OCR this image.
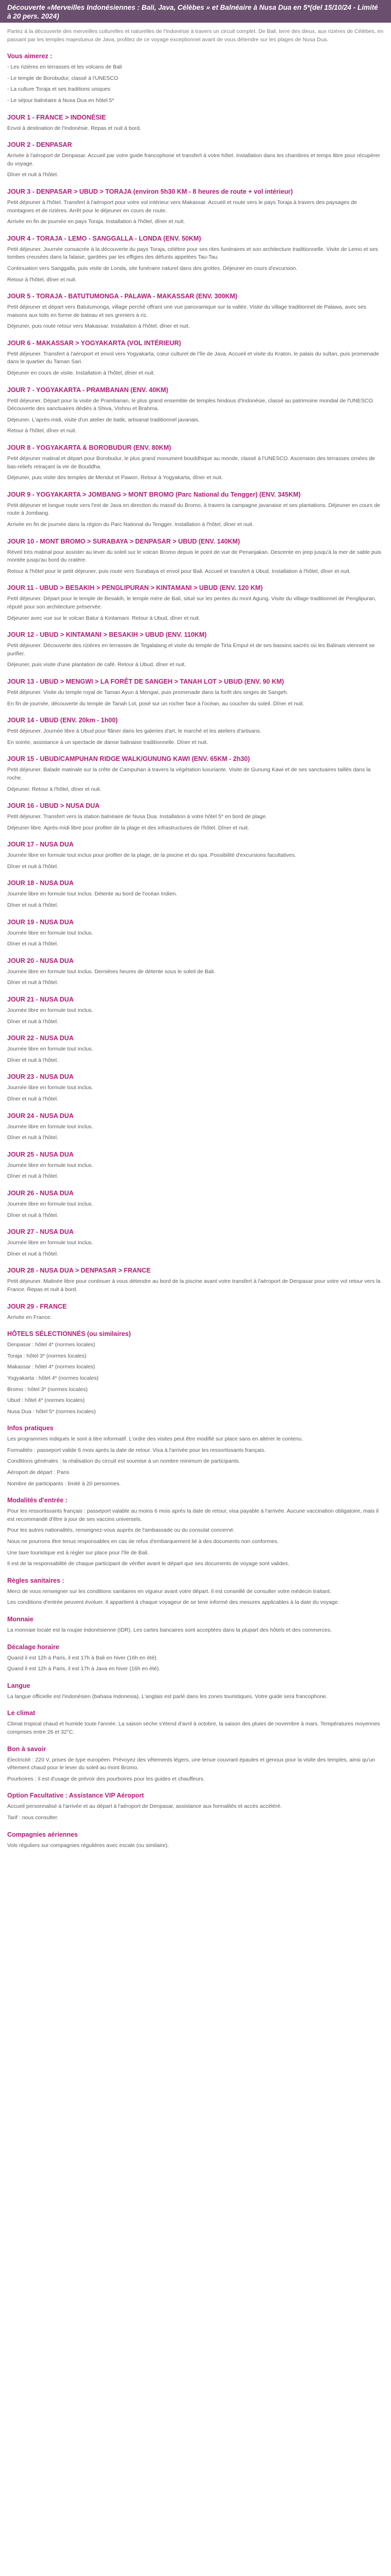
Découverte «Merveilles Indonésiennes : Bali, Java, Célèbes » et Balnéaire à Nusa Dua en 5*(del 15/10/24 - Limité à 20 pers. 2024)

Partez à la découverte des merveilles culturelles et naturelles de l'Indonésie à travers un circuit complet. De Bali, terre des dieux, aux rizières de Célèbes, en passant par les temples majestueux de Java, profitez de ce voyage exceptionnel avant de vous détendre sur les plages de Nusa Dua.

Vous aimerez :

- Les rizières en terrasses et les volcans de Bali

- Le temple de Borobudur, classé à l'UNESCO

- La culture Toraja et ses traditions uniques

- Le séjour balnéaire à Nusa Dua en hôtel 5*

JOUR 1 - FRANCE > INDONÉSIE

Envol à destination de l'Indonésie. Repas et nuit à bord.

JOUR 2 - DENPASAR

Arrivée à l'aéroport de Denpasar. Accueil par votre guide francophone et transfert à votre hôtel. Installation dans les chambres et temps libre pour récupérer du voyage.

Dîner et nuit à l'hôtel.

JOUR 3 - DENPASAR > UBUD > TORAJA (environ 5h30 KM - 8 heures de route + vol intérieur)

Petit déjeuner à l'hôtel. Transfert à l'aéroport pour votre vol intérieur vers Makassar. Accueil et route vers le pays Toraja à travers des paysages de montagnes et de rizières. Arrêt pour le déjeuner en cours de route.

Arrivée en fin de journée en pays Toraja. Installation à l'hôtel, dîner et nuit.

JOUR 4 - TORAJA - LEMO - SANGGALLA - LONDA (ENV. 50KM)

Petit déjeuner. Journée consacrée à la découverte du pays Toraja, célèbre pour ses rites funéraires et son architecture traditionnelle. Visite de Lemo et ses tombes creusées dans la falaise, gardées par les effigies des défunts appelées Tau-Tau.

Continuation vers Sanggalla, puis visite de Londa, site funéraire naturel dans des grottes. Déjeuner en cours d'excursion.

Retour à l'hôtel, dîner et nuit.

JOUR 5 - TORAJA - BATUTUMONGA - PALAWA - MAKASSAR (ENV. 300KM)

Petit déjeuner et départ vers Batutumonga, village perché offrant une vue panoramique sur la vallée. Visite du village traditionnel de Palawa, avec ses maisons aux toits en forme de bateau et ses greniers à riz.

Déjeuner, puis route retour vers Makassar. Installation à l'hôtel, dîner et nuit.

JOUR 6 - MAKASSAR > YOGYAKARTA (VOL INTÉRIEUR)

Petit déjeuner. Transfert à l'aéroport et envol vers Yogyakarta, cœur culturel de l'île de Java. Accueil et visite du Kraton, le palais du sultan, puis promenade dans le quartier du Taman Sari.

Déjeuner en cours de visite. Installation à l'hôtel, dîner et nuit.

JOUR 7 - YOGYAKARTA - PRAMBANAN (ENV. 40KM)

Petit déjeuner. Départ pour la visite de Prambanan, le plus grand ensemble de temples hindous d'Indonésie, classé au patrimoine mondial de l'UNESCO. Découverte des sanctuaires dédiés à Shiva, Vishnu et Brahma.

Déjeuner. L'après-midi, visite d'un atelier de batik, artisanat traditionnel javanais.

Retour à l'hôtel, dîner et nuit.

JOUR 8 - YOGYAKARTA & BOROBUDUR (ENV. 80KM)

Petit déjeuner matinal et départ pour Borobudur, le plus grand monument bouddhique au monde, classé à l'UNESCO. Ascension des terrasses ornées de bas-reliefs retraçant la vie de Bouddha.

Déjeuner, puis visite des temples de Mendut et Pawon. Retour à Yogyakarta, dîner et nuit.

JOUR 9 - YOGYAKARTA > JOMBANG > MONT BROMO (Parc National du Tengger) (ENV. 345KM)

Petit déjeuner et longue route vers l'est de Java en direction du massif du Bromo, à travers la campagne javanaise et ses plantations. Déjeuner en cours de route à Jombang.

Arrivée en fin de journée dans la région du Parc National du Tengger. Installation à l'hôtel, dîner et nuit.

JOUR 10 - MONT BROMO > SURABAYA > DENPASAR > UBUD (ENV. 140KM)

Réveil très matinal pour assister au lever du soleil sur le volcan Bromo depuis le point de vue de Penanjakan. Descente en jeep jusqu'à la mer de sable puis montée jusqu'au bord du cratère.

Retour à l'hôtel pour le petit déjeuner, puis route vers Surabaya et envol pour Bali. Accueil et transfert à Ubud. Installation à l'hôtel, dîner et nuit.

JOUR 11 - UBUD > BESAKIH > PENGLIPURAN > KINTAMANI > UBUD (ENV. 120 KM)

Petit déjeuner. Départ pour le temple de Besakih, le temple mère de Bali, situé sur les pentes du mont Agung. Visite du village traditionnel de Penglipuran, réputé pour son architecture préservée.

Déjeuner avec vue sur le volcan Batur à Kintamani. Retour à Ubud, dîner et nuit.

JOUR 12 - UBUD > KINTAMANI > BESAKIH > UBUD (ENV. 110KM)

Petit déjeuner. Découverte des rizières en terrasses de Tegalalang et visite du temple de Tirta Empul et de ses bassins sacrés où les Balinais viennent se purifier.

Déjeuner, puis visite d'une plantation de café. Retour à Ubud, dîner et nuit.

JOUR 13 - UBUD > MENGWI > LA FORÊT DE SANGEH > TANAH LOT > UBUD (ENV. 90 KM)

Petit déjeuner. Visite du temple royal de Taman Ayun à Mengwi, puis promenade dans la forêt des singes de Sangeh.

En fin de journée, découverte du temple de Tanah Lot, posé sur un rocher face à l'océan, au coucher du soleil. Dîner et nuit.

JOUR 14 - UBUD (ENV. 20km - 1h00)

Petit déjeuner. Journée libre à Ubud pour flâner dans les galeries d'art, le marché et les ateliers d'artisans.

En soirée, assistance à un spectacle de danse balinaise traditionnelle. Dîner et nuit.

JOUR 15 - UBUD/CAMPUHAN RIDGE WALK/GUNUNG KAWI (ENV. 65KM - 2h30)

Petit déjeuner. Balade matinale sur la crête de Campuhan à travers la végétation luxuriante. Visite de Gunung Kawi et de ses sanctuaires taillés dans la roche.

Déjeuner. Retour à l'hôtel, dîner et nuit.

JOUR 16 - UBUD > NUSA DUA

Petit déjeuner. Transfert vers la station balnéaire de Nusa Dua. Installation à votre hôtel 5* en bord de plage.

Déjeuner libre. Après-midi libre pour profiter de la plage et des infrastructures de l'hôtel. Dîner et nuit.

JOUR 17 - NUSA DUA

Journée libre en formule tout inclus pour profiter de la plage, de la piscine et du spa. Possibilité d'excursions facultatives.

Dîner et nuit à l'hôtel.

JOUR 18 - NUSA DUA

Journée libre en formule tout inclus. Détente au bord de l'océan Indien.

Dîner et nuit à l'hôtel.

JOUR 19 - NUSA DUA

Journée libre en formule tout inclus.

Dîner et nuit à l'hôtel.

JOUR 20 - NUSA DUA

Journée libre en formule tout inclus. Dernières heures de détente sous le soleil de Bali.

Dîner et nuit à l'hôtel.

JOUR 21 - NUSA DUA

Journée libre en formule tout inclus.

Dîner et nuit à l'hôtel.

JOUR 22 - NUSA DUA

Journée libre en formule tout inclus.

Dîner et nuit à l'hôtel.

JOUR 23 - NUSA DUA

Journée libre en formule tout inclus.

Dîner et nuit à l'hôtel.

JOUR 24 - NUSA DUA

Journée libre en formule tout inclus.

Dîner et nuit à l'hôtel.

JOUR 25 - NUSA DUA

Journée libre en formule tout inclus.

Dîner et nuit à l'hôtel.

JOUR 26 - NUSA DUA

Journée libre en formule tout inclus.

Dîner et nuit à l'hôtel.

JOUR 27 - NUSA DUA

Journée libre en formule tout inclus.

Dîner et nuit à l'hôtel.

JOUR 28 - NUSA DUA > DENPASAR > FRANCE

Petit déjeuner. Matinée libre pour continuer à vous détendre au bord de la piscine avant votre transfert à l'aéroport de Denpasar pour votre vol retour vers la France. Repas et nuit à bord.

JOUR 29 - FRANCE

Arrivée en France.

HÔTELS SÉLECTIONNÉS (ou similaires)

Denpasar : hôtel 4* (normes locales)

Toraja : hôtel 3* (normes locales)

Makassar : hôtel 4* (normes locales)

Yogyakarta : hôtel 4* (normes locales)

Bromo : hôtel 3* (normes locales)

Ubud : hôtel 4* (normes locales)

Nusa Dua : hôtel 5* (normes locales)

Infos pratiques

Les programmes indiqués le sont à titre informatif. L'ordre des visites peut être modifié sur place sans en altérer le contenu.

Formalités : passeport valide 6 mois après la date de retour. Visa à l'arrivée pour les ressortissants français.

Conditions générales : la réalisation du circuit est soumise à un nombre minimum de participants.

Aéroport de départ : Paris

Nombre de participants : limité à 20 personnes.

Modalités d'entrée :

Pour les ressortissants français : passeport valable au moins 6 mois après la date de retour, visa payable à l'arrivée. Aucune vaccination obligatoire, mais il est recommandé d'être à jour de ses vaccins universels.

Pour les autres nationalités, renseignez-vous auprès de l'ambassade ou du consulat concerné.

Nous ne pourrons être tenus responsables en cas de refus d'embarquement lié à des documents non conformes.

Une taxe touristique est à régler sur place pour l'île de Bali.

Il est de la responsabilité de chaque participant de vérifier avant le départ que ses documents de voyage sont valides.

Règles sanitaires :

Merci de vous renseigner sur les conditions sanitaires en vigueur avant votre départ. Il est conseillé de consulter votre médecin traitant.

Les conditions d'entrée peuvent évoluer. Il appartient à chaque voyageur de se tenir informé des mesures applicables à la date du voyage.

Monnaie

La monnaie locale est la roupie indonésienne (IDR). Les cartes bancaires sont acceptées dans la plupart des hôtels et des commerces.

Décalage horaire

Quand il est 12h à Paris, il est 17h à Bali en hiver (16h en été).

Quand il est 12h à Paris, il est 17h à Java en hiver (16h en été).

Langue

La langue officielle est l'indonésien (bahasa Indonesia). L'anglais est parlé dans les zones touristiques. Votre guide sera francophone.

Le climat

Climat tropical chaud et humide toute l'année. La saison sèche s'étend d'avril à octobre, la saison des pluies de novembre à mars. Températures moyennes comprises entre 26 et 32°C.

Bon à savoir

Électricité : 220 V, prises de type européen. Prévoyez des vêtements légers, une tenue couvrant épaules et genoux pour la visite des temples, ainsi qu'un vêtement chaud pour le lever du soleil au mont Bromo.

Pourboires : il est d'usage de prévoir des pourboires pour les guides et chauffeurs.

Option Facultative : Assistance VIP Aéroport

Accueil personnalisé à l'arrivée et au départ à l'aéroport de Denpasar, assistance aux formalités et accès accéléré.

Tarif : nous consulter.

Compagnies aériennes

Vols réguliers sur compagnies régulières avec escale (ou similaire).
